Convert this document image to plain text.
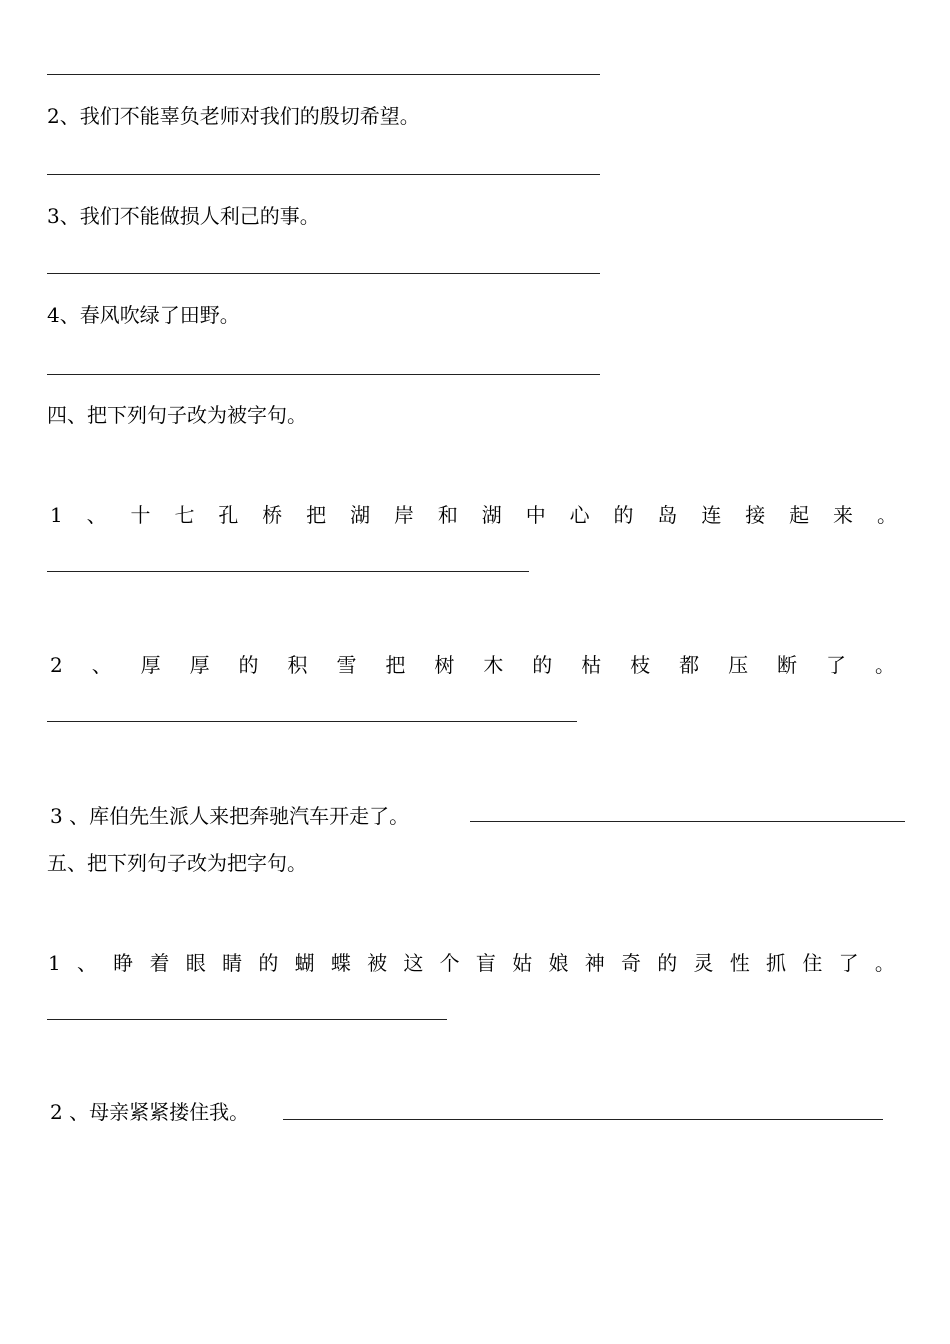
2、我们不能辜负老师对我们的殷切希望。
3、我们不能做损人利己的事。
4、春风吹绿了田野。
四、把下列句子改为被字句。
1 、 十 七 孔 桥 把 湖 岸 和 湖 中 心 的 岛 连 接 起 来 。
2 、 厚 厚 的 积 雪 把 树 木 的 枯 枝 都 压 断 了 。
3 、库伯先生派人来把奔驰汽车开走了。
五、把下列句子改为把字句。
1 、 睁 着 眼 睛 的 蝴 蝶 被 这 个 盲 姑 娘 神 奇 的 灵 性 抓 住 了 。
2 、母亲紧紧搂住我。
